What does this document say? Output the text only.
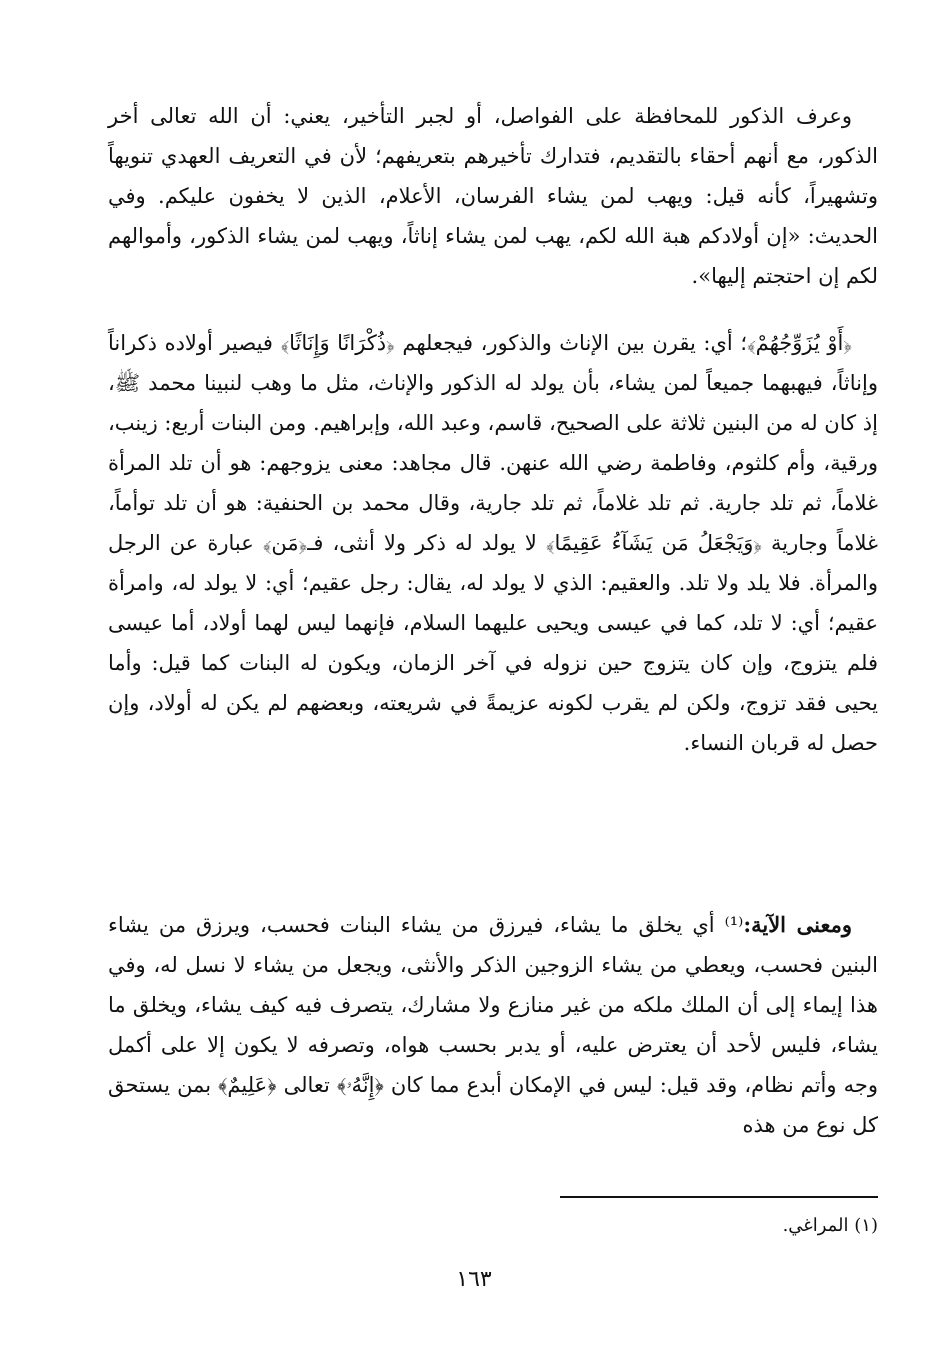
وعرف الذكور للمحافظة على الفواصل، أو لجبر التأخير، يعني: أن الله تعالى أخر الذكور، مع أنهم أحقاء بالتقديم، فتدارك تأخيرهم بتعريفهم؛ لأن في التعريف العهدي تنويهاً وتشهيراً، كأنه قيل: ويهب لمن يشاء الفرسان، الأعلام، الذين لا يخفون عليكم. وفي الحديث: «إن أولادكم هبة الله لكم، يهب لمن يشاء إناثاً، ويهب لمن يشاء الذكور، وأموالهم لكم إن احتجتم إليها».

﴿أَوْ يُزَوِّجُهُمْ﴾؛ أي: يقرن بين الإناث والذكور، فيجعلهم ﴿ذُكْرَانًا وَإِنَاثًا﴾ فيصير أولاده ذكراناً وإناثاً، فيهبهما جميعاً لمن يشاء، بأن يولد له الذكور والإناث، مثل ما وهب لنبينا محمد ﷺ، إذ كان له من البنين ثلاثة على الصحيح، قاسم، وعبد الله، وإبراهيم. ومن البنات أربع: زينب، ورقية، وأم كلثوم، وفاطمة رضي الله عنهن. قال مجاهد: معنى يزوجهم: هو أن تلد المرأة غلاماً، ثم تلد جارية. ثم تلد غلاماً، ثم تلد جارية، وقال محمد بن الحنفية: هو أن تلد توأماً، غلاماً وجارية ﴿وَيَجْعَلُ مَن يَشَآءُ عَقِيمًا﴾ لا يولد له ذكر ولا أنثى، فـ﴿مَن﴾ عبارة عن الرجل والمرأة. فلا يلد ولا تلد. والعقيم: الذي لا يولد له، يقال: رجل عقيم؛ أي: لا يولد له، وامرأة عقيم؛ أي: لا تلد، كما في عيسى ويحيى عليهما السلام، فإنهما ليس لهما أولاد، أما عيسى فلم يتزوج، وإن كان يتزوج حين نزوله في آخر الزمان، ويكون له البنات كما قيل: وأما يحيى فقد تزوج، ولكن لم يقرب لكونه عزيمةً في شريعته، وبعضهم لم يكن له أولاد، وإن حصل له قربان النساء.

ومعنى الآية:⁽¹⁾ أي يخلق ما يشاء، فيرزق من يشاء البنات فحسب، ويرزق من يشاء البنين فحسب، ويعطي من يشاء الزوجين الذكر والأنثى، ويجعل من يشاء لا نسل له، وفي هذا إيماء إلى أن الملك ملكه من غير منازع ولا مشارك، يتصرف فيه كيف يشاء، ويخلق ما يشاء، فليس لأحد أن يعترض عليه، أو يدبر بحسب هواه، وتصرفه لا يكون إلا على أكمل وجه وأتم نظام، وقد قيل: ليس في الإمكان أبدع مما كان ﴿إِنَّهُۥ﴾ تعالى ﴿عَلِيمٌ﴾ بمن يستحق كل نوع من هذه

(١) المراغي.
١٦٣
